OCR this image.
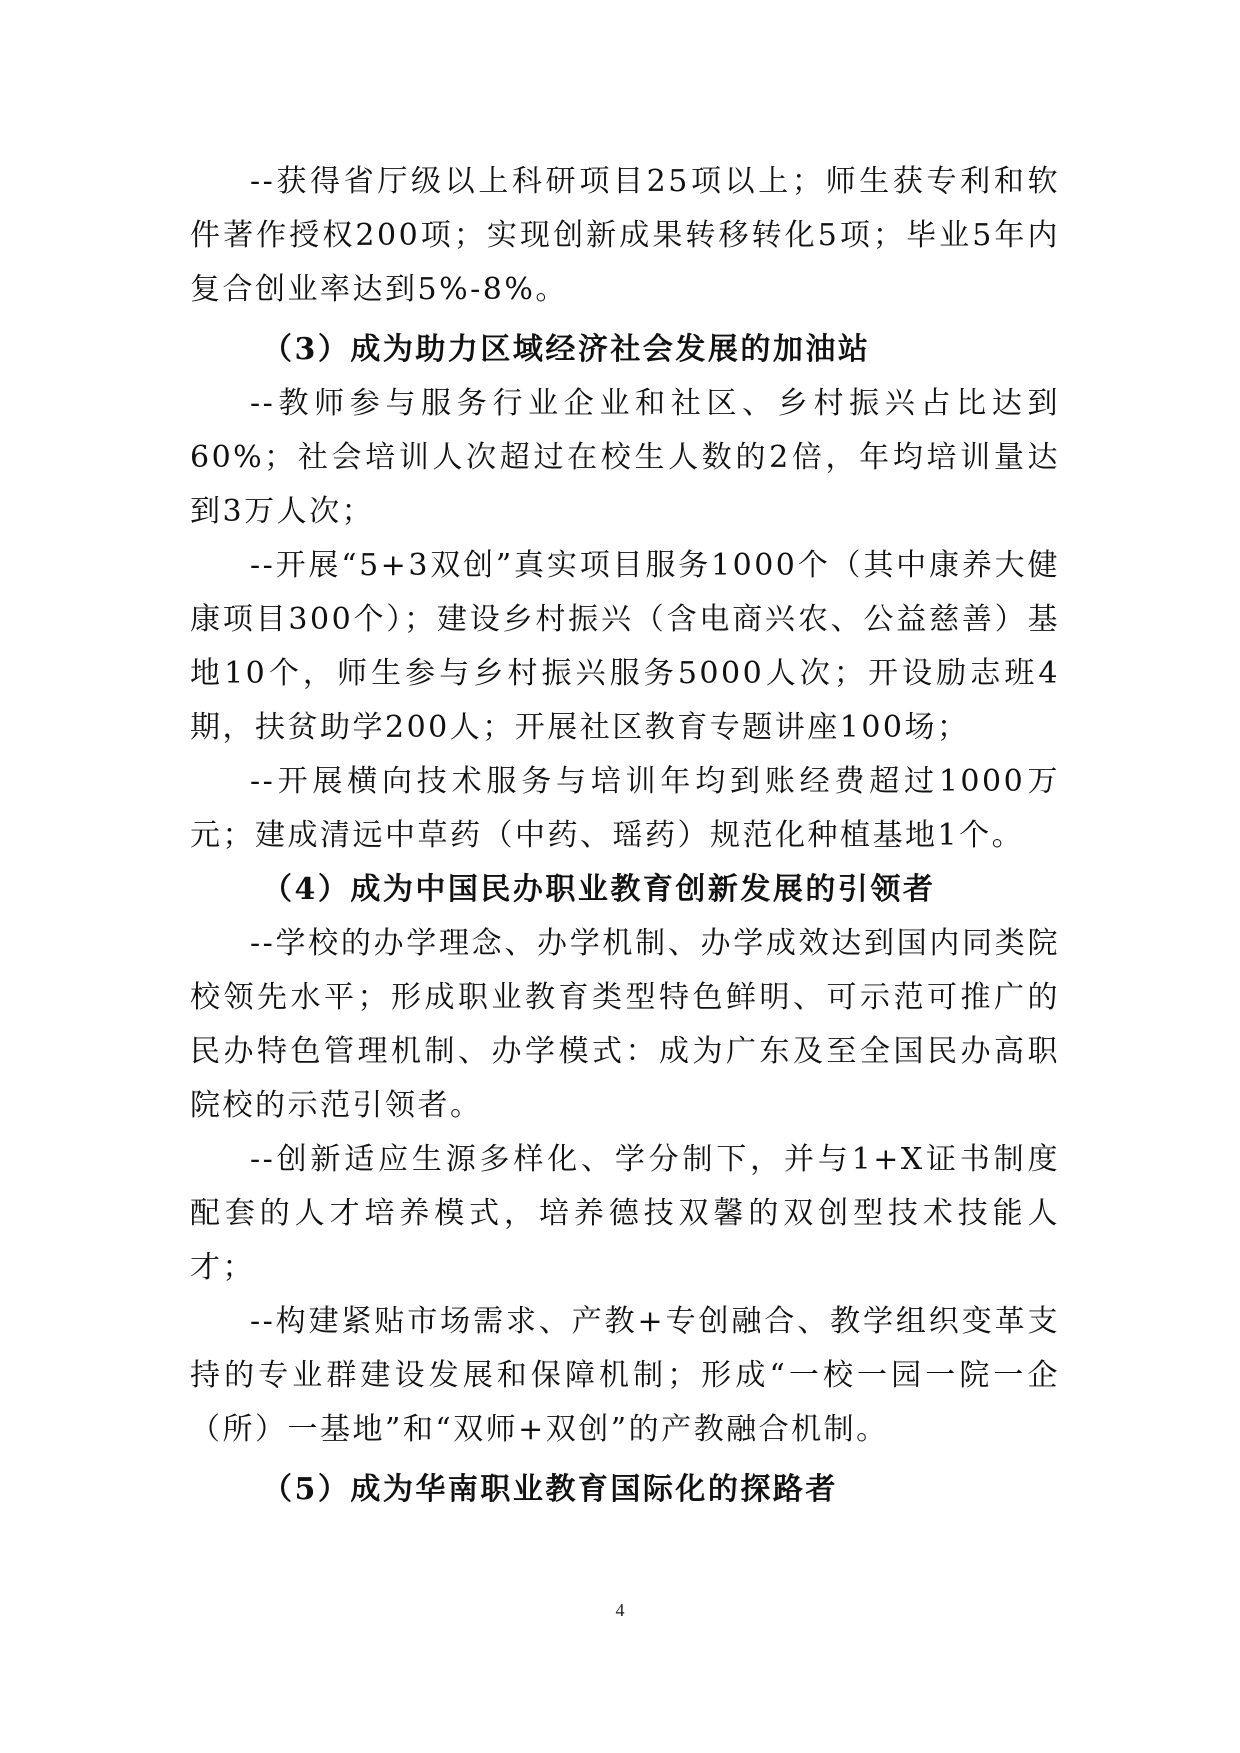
--获得省厅级以上科研项目25项以上；师生获专利和软件著作授权200项；实现创新成果转移转化5项；毕业5年内复合创业率达到5%-8%。

（3）成为助力区域经济社会发展的加油站

--教师参与服务行业企业和社区、乡村振兴占比达到60%；社会培训人次超过在校生人数的2倍，年均培训量达到3万人次；

--开展“5+3双创”真实项目服务1000个（其中康养大健康项目300个）；建设乡村振兴（含电商兴农、公益慈善）基地10个，师生参与乡村振兴服务5000人次；开设励志班4期，扶贫助学200人；开展社区教育专题讲座100场；

--开展横向技术服务与培训年均到账经费超过1000万元；建成清远中草药（中药、瑶药）规范化种植基地1个。

（4）成为中国民办职业教育创新发展的引领者

--学校的办学理念、办学机制、办学成效达到国内同类院校领先水平；形成职业教育类型特色鲜明、可示范可推广的民办特色管理机制、办学模式：成为广东及至全国民办高职院校的示范引领者。

--创新适应生源多样化、学分制下，并与1+X证书制度配套的人才培养模式，培养德技双馨的双创型技术技能人才；

--构建紧贴市场需求、产教+专创融合、教学组织变革支持的专业群建设发展和保障机制；形成“一校一园一院一企（所）一基地”和“双师+双创”的产教融合机制。

（5）成为华南职业教育国际化的探路者

4
